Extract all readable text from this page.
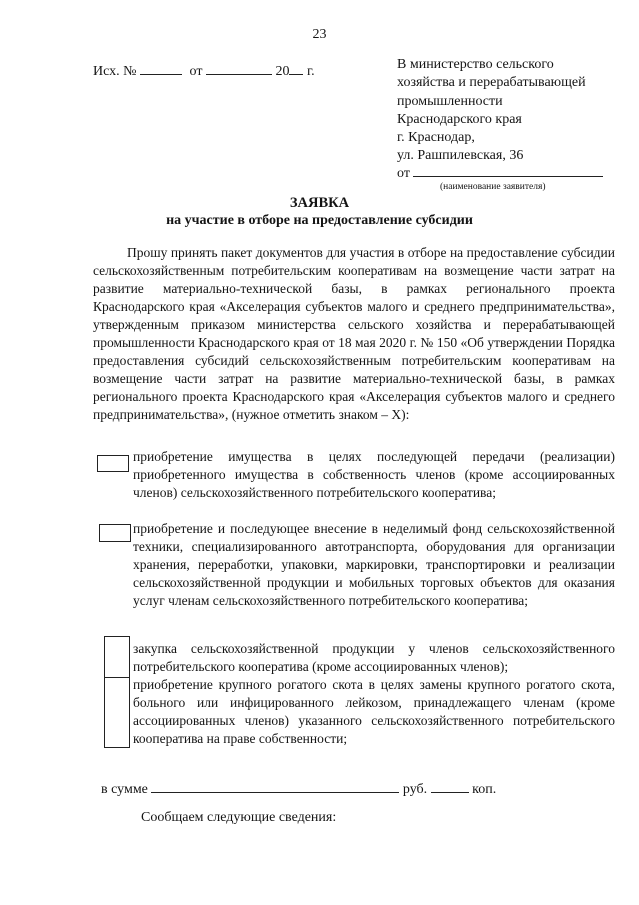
23
Исх. №	от	20 г.	В министерство сельского
хозяйства и перерабатывающей
промышленности
Краснодарского края
г. Краснодар,
ул. Рашпилевская, 36
от
(наименование заявителя)
ЗАЯВКА
на участие в отборе на предоставление субсидии
Прошу принять пакет документов для участия в отборе на предоставление субсидии сельскохозяйственным потребительским кооперативам на возмещение части затрат на развитие материально-технической базы, в рамках регионального проекта Краснодарского края «Акселерация субъектов малого и среднего предпринимательства», утвержденным приказом министерства сельского хозяйства и перерабатывающей промышленности Краснодарского края от 18 мая 2020 г. № 150 «Об утверждении Порядка предоставления субсидий сельскохозяйственным потребительским кооперативам на возмещение части затрат на развитие материально-технической базы, в рамках регионального проекта Краснодарского края «Акселерация субъектов малого и среднего предпринимательства», (нужное отметить знаком – Х):
приобретение имущества в целях последующей передачи (реализации) приобретенного имущества в собственность членов (кроме ассоциированных членов) сельскохозяйственного потребительского кооператива;
приобретение и последующее внесение в неделимый фонд сельскохозяйственной техники, специализированного автотранспорта, оборудования для организации хранения, переработки, упаковки, маркировки, транспортировки и реализации сельскохозяйственной продукции и мобильных торговых объектов для оказания услуг членам сельскохозяйственного потребительского кооператива;
закупка сельскохозяйственной продукции у членов сельскохозяйственного потребительского кооператива (кроме ассоциированных членов);
приобретение крупного рогатого скота в целях замены крупного рогатого скота, больного или инфицированного лейкозом, принадлежащего членам (кроме ассоциированных членов) указанного сельскохозяйственного потребительского кооператива на праве собственности;
в сумме	руб.	коп.
Сообщаем следующие сведения:
